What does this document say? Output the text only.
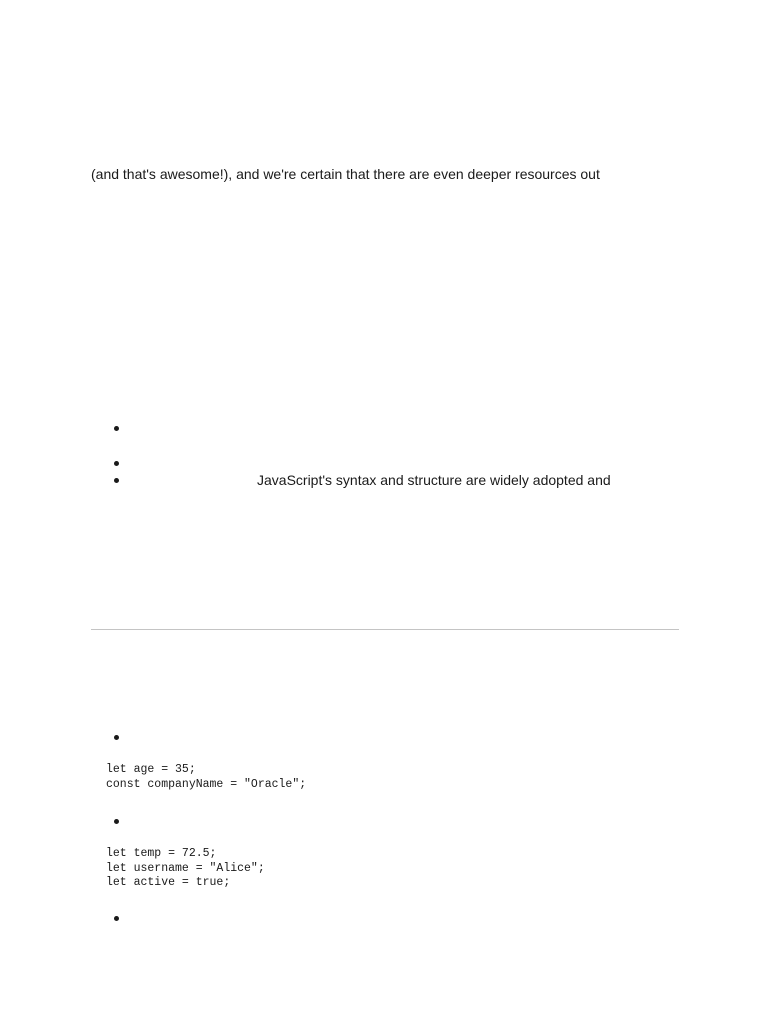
(and that's awesome!), and we're certain that there are even deeper resources out
JavaScript's syntax and structure are widely adopted and
let age = 35;
const companyName = "Oracle";
let temp = 72.5;
let username = "Alice";
let active = true;
